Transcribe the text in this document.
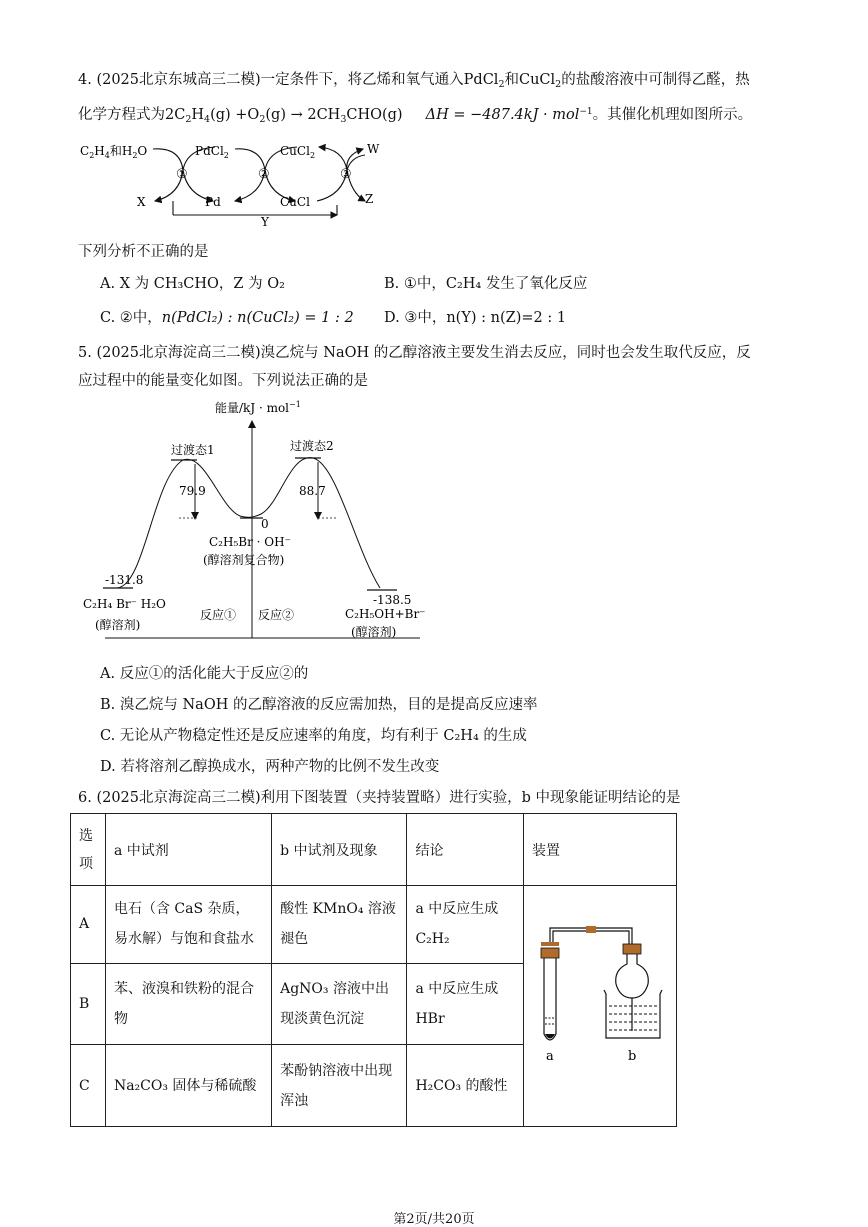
4. (2025北京东城高三二模)一定条件下，将乙烯和氧气通入PdCl$_2$和CuCl$_2$的盐酸溶液中可制得乙醛，热
化学方程式为$2C_2H_4(g) +O_2(g) \to 2CH_3CHO(g) \Delta H = -487.4kJ \cdot mol^{-1}$。其催化机理如图所示。
$C_2H_4$和$H_2O$
①
X
PdCl$_2$
Pd
②
CuCl$_2$
CuCl
③
W
Z
Y
下列分析不正确的是
A. X 为 CH₃CHO，Z 为 O₂	B. ①中，C₂H₄ 发生了氧化反应
C. ②中，n(PdCl₂) : n(CuCl₂) = 1 : 2 D. ③中，n(Y) : n(Z)=2 : 1
5. (2025北京海淀高三二模)溴乙烷与 NaOH 的乙醇溶液主要发生消去反应，同时也会发生取代反应，反
应过程中的能量变化如图。下列说法正确的是
能量/kJ · mol$^{-1}$
过渡态1	过渡态2
79.9	88.7
0
C₂H₅Br · OH⁻
(醇溶剂复合物)
-131.8
C₂H₄ Br⁻ H₂O
(醇溶剂)
-138.5
C₂H₅OH+Br⁻
(醇溶剂)
反应① 反应②
A. 反应①的活化能大于反应②的
B. 溴乙烷与 NaOH 的乙醇溶液的反应需加热，目的是提高反应速率
C. 无论从产物稳定性还是反应速率的角度，均有利于 C₂H₄ 的生成
D. 若将溶剂乙醇换成水，两种产物的比例不发生改变
6. (2025北京海淀高三二模)利用下图装置（夹持装置略）进行实验，b 中现象能证明结论的是
选项	a 中试剂	b 中试剂及现象	结论	装置
A	电石（含 CaS 杂质，易水解）与饱和食盐水	酸性 KMnO₄ 溶液褪色	a 中反应生成 C₂H₂	a b

B	苯、液溴和铁粉的混合物	AgNO₃ 溶液中出现淡黄色沉淀	a 中反应生成 HBr	
C	Na₂CO₃ 固体与稀硫酸	苯酚钠溶液中出现浑浊	H₂CO₃ 的酸性	
第2页/共20页
